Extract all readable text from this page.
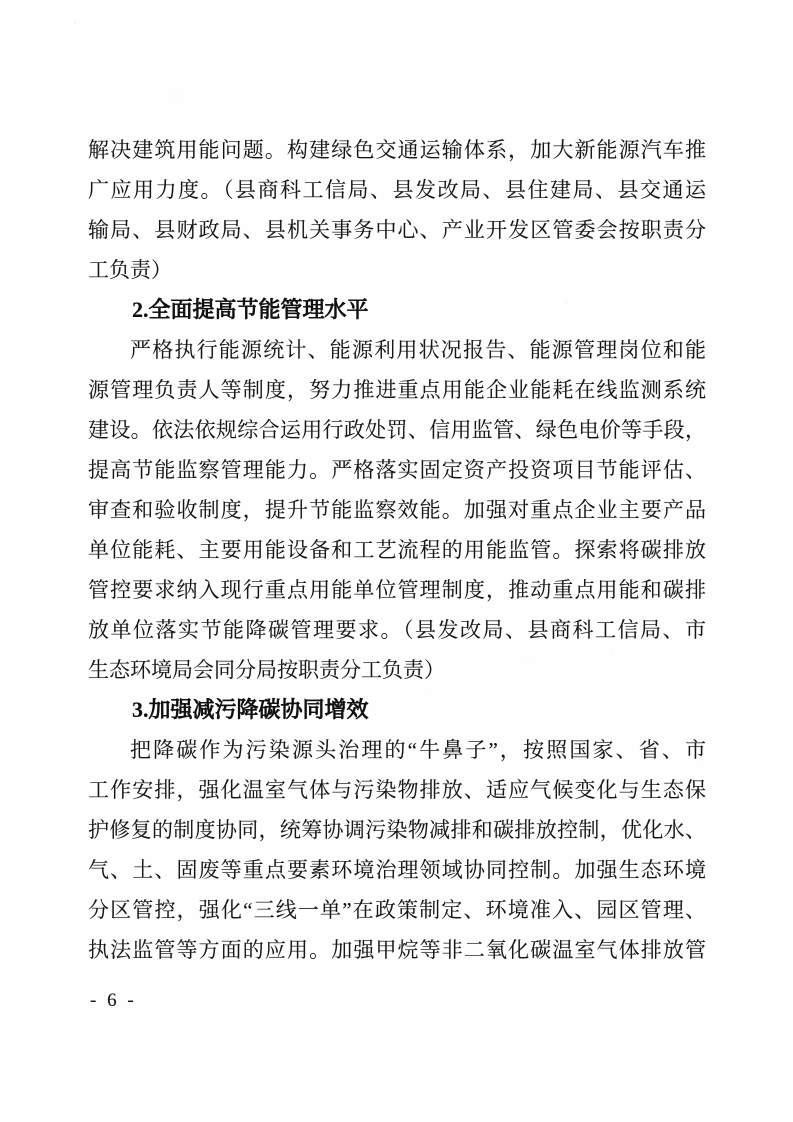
解决建筑用能问题。构建绿色交通运输体系，加大新能源汽车推
广应用力度。（县商科工信局、县发改局、县住建局、县交通运
输局、县财政局、县机关事务中心、产业开发区管委会按职责分
工负责）
2.全面提高节能管理水平
严格执行能源统计、能源利用状况报告、能源管理岗位和能
源管理负责人等制度，努力推进重点用能企业能耗在线监测系统
建设。依法依规综合运用行政处罚、信用监管、绿色电价等手段，
提高节能监察管理能力。严格落实固定资产投资项目节能评估、
审查和验收制度，提升节能监察效能。加强对重点企业主要产品
单位能耗、主要用能设备和工艺流程的用能监管。探索将碳排放
管控要求纳入现行重点用能单位管理制度，推动重点用能和碳排
放单位落实节能降碳管理要求。（县发改局、县商科工信局、市
生态环境局会同分局按职责分工负责）
3.加强减污降碳协同增效
把降碳作为污染源头治理的“牛鼻子”，按照国家、省、市
工作安排，强化温室气体与污染物排放、适应气候变化与生态保
护修复的制度协同，统筹协调污染物减排和碳排放控制，优化水、
气、土、固废等重点要素环境治理领域协同控制。加强生态环境
分区管控，强化“三线一单”在政策制定、环境准入、园区管理、
执法监管等方面的应用。加强甲烷等非二氧化碳温室气体排放管
- 6 -
